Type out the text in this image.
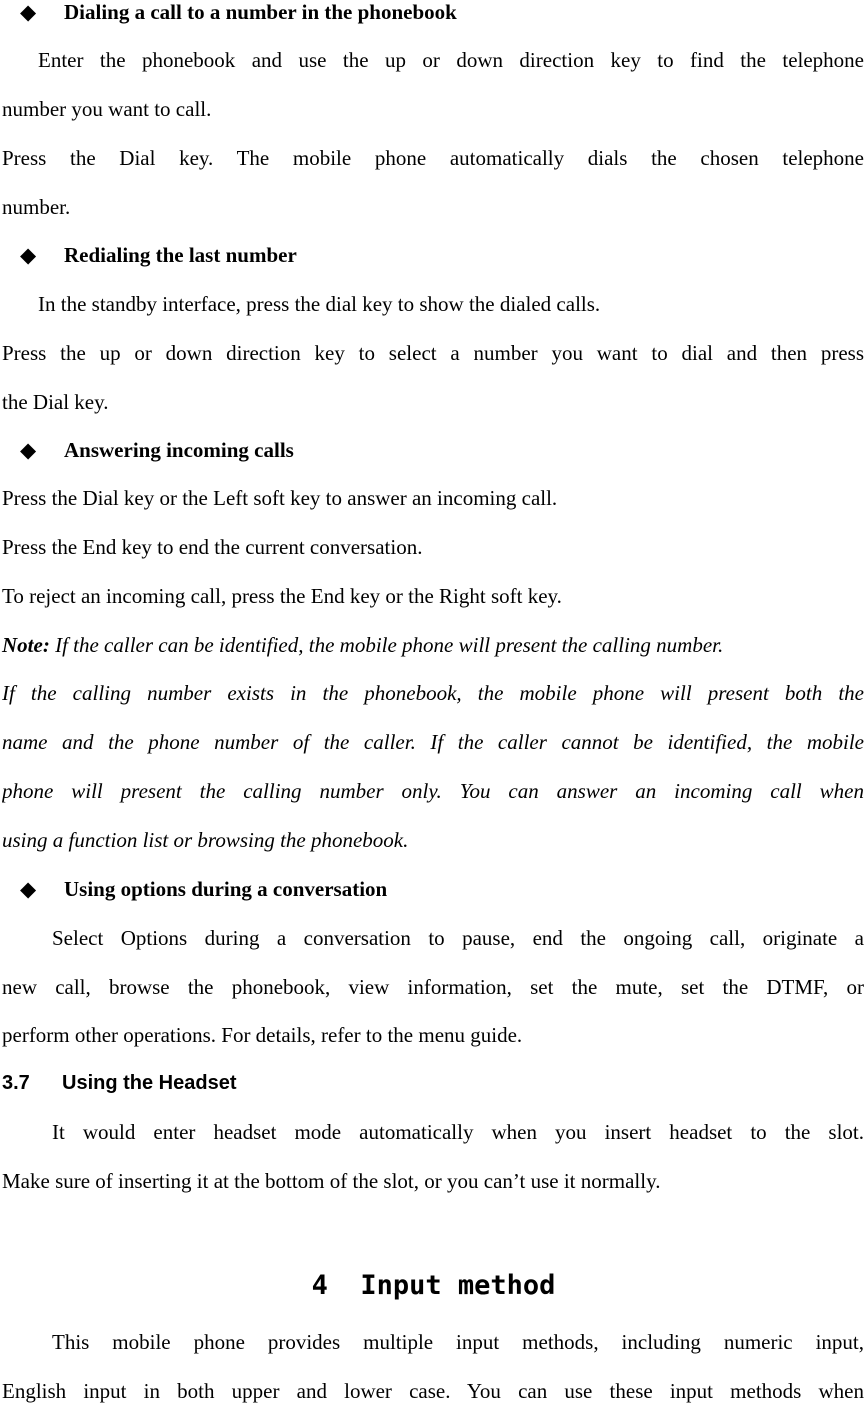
◆ Dialing a call to a number in the phonebook
Enter the phonebook and use the up or down direction key to find the telephone
number you want to call.
Press the Dial key. The mobile phone automatically dials the chosen telephone
number.
◆ Redialing the last number
In the standby interface, press the dial key to show the dialed calls.
Press the up or down direction key to select a number you want to dial and then press
the Dial key.
◆ Answering incoming calls
Press the Dial key or the Left soft key to answer an incoming call.
Press the End key to end the current conversation.
To reject an incoming call, press the End key or the Right soft key.
Note: If the caller can be identified, the mobile phone will present the calling number.
If the calling number exists in the phonebook, the mobile phone will present both the
name and the phone number of the caller. If the caller cannot be identified, the mobile
phone will present the calling number only. You can answer an incoming call when
using a function list or browsing the phonebook.
◆ Using options during a conversation
Select Options during a conversation to pause, end the ongoing call, originate a
new call, browse the phonebook, view information, set the mute, set the DTMF, or
perform other operations. For details, refer to the menu guide.
3.7 Using the Headset
It would enter headset mode automatically when you insert headset to the slot.
Make sure of inserting it at the bottom of the slot, or you can’t use it normally.
4  Input method
This mobile phone provides multiple input methods, including numeric input,
English input in both upper and lower case. You can use these input methods when
